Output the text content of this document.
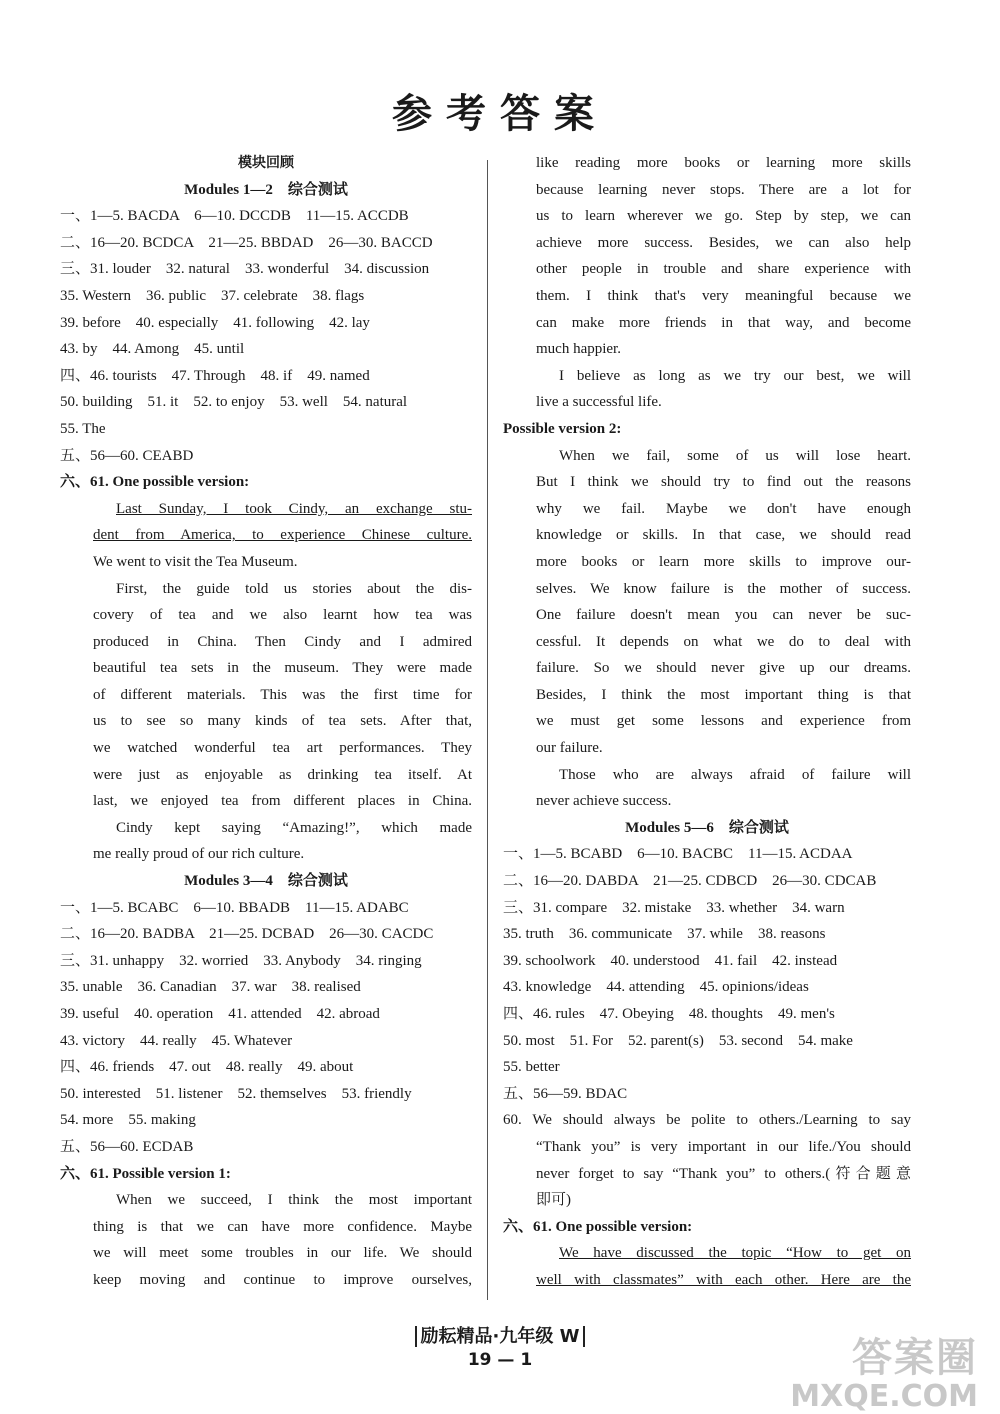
参考答案
模块回顾
Modules 1—2　综合测试
一、1—5. BACDA　6—10. DCCDB　11—15. ACCDB
二、16—20. BCDCA　21—25. BBDAD　26—30. BACCD
三、31. louder　32. natural　33. wonderful　34. discussion
35. Western　36. public　37. celebrate　38. flags
39. before　40. especially　41. following　42. lay
43. by　44. Among　45. until
四、46. tourists　47. Through　48. if　49. named
50. building　51. it　52. to enjoy　53. well　54. natural
55. The
五、56—60. CEABD
六、61. One possible version:
Last Sunday, I took Cindy, an exchange stu-
dent from America, to experience Chinese culture.
We went to visit the Tea Museum.
First, the guide told us stories about the dis-
covery of tea and we also learnt how tea was
produced in China. Then Cindy and I admired
beautiful tea sets in the museum. They were made
of different materials. This was the first time for
us to see so many kinds of tea sets. After that,
we watched wonderful tea art performances. They
were just as enjoyable as drinking tea itself. At
last, we enjoyed tea from different places in China.
Cindy kept saying “Amazing!”, which made
me really proud of our rich culture.
Modules 3—4　综合测试
一、1—5. BCABC　6—10. BBADB　11—15. ADABC
二、16—20. BADBA　21—25. DCBAD　26—30. CACDC
三、31. unhappy　32. worried　33. Anybody　34. ringing
35. unable　36. Canadian　37. war　38. realised
39. useful　40. operation　41. attended　42. abroad
43. victory　44. really　45. Whatever
四、46. friends　47. out　48. really　49. about
50. interested　51. listener　52. themselves　53. friendly
54. more　55. making
五、56—60. ECDAB
六、61. Possible version 1:
When we succeed, I think the most important
thing is that we can have more confidence. Maybe
we will meet some troubles in our life. We should
keep moving and continue to improve ourselves,
like reading more books or learning more skills
because learning never stops. There are a lot for
us to learn wherever we go. Step by step, we can
achieve more success. Besides, we can also help
other people in trouble and share experience with
them. I think that's very meaningful because we
can make more friends in that way, and become
much happier.
I believe as long as we try our best, we will
live a successful life.
Possible version 2:
When we fail, some of us will lose heart.
But I think we should try to find out the reasons
why we fail. Maybe we don't have enough
knowledge or skills. In that case, we should read
more books or learn more skills to improve our-
selves. We know failure is the mother of success.
One failure doesn't mean you can never be suc-
cessful. It depends on what we do to deal with
failure. So we should never give up our dreams.
Besides, I think the most important thing is that
we must get some lessons and experience from
our failure.
Those who are always afraid of failure will
never achieve success.
Modules 5—6　综合测试
一、1—5. BCABD　6—10. BACBC　11—15. ACDAA
二、16—20. DABDA　21—25. CDBCD　26—30. CDCAB
三、31. compare　32. mistake　33. whether　34. warn
35. truth　36. communicate　37. while　38. reasons
39. schoolwork　40. understood　41. fail　42. instead
43. knowledge　44. attending　45. opinions/ideas
四、46. rules　47. Obeying　48. thoughts　49. men's
50. most　51. For　52. parent(s)　53. second　54. make
55. better
五、56—59. BDAC
60. We should always be polite to others./Learning to say
“Thank you” is very important in our life./You should
never forget to say “Thank you” to others.(符合题意
即可)
六、61. One possible version:
We have discussed the topic “How to get on
well with classmates” with each other. Here are the
励耘精品·九年级 W
19 — 1	答案圈
MXQE.COM
